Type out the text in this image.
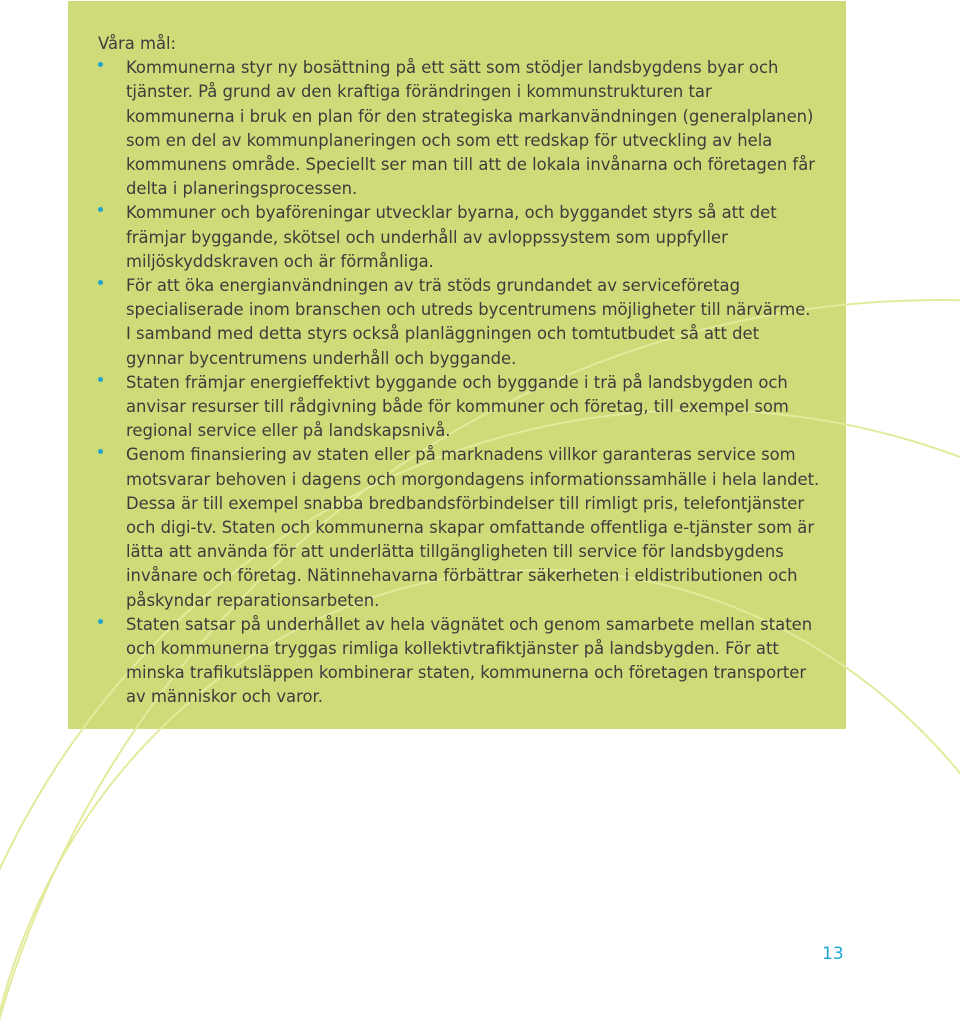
Våra mål:

Kommunerna styr ny bosättning på ett sätt som stödjer landsbygdens byar och tjänster. På grund av den kraftiga förändringen i kommunstrukturen tar kommunerna i bruk en plan för den strategiska markanvändningen (generalplanen) som en del av kommunplaneringen och som ett redskap för utveckling av hela kommunens område. Speciellt ser man till att de lokala invånarna och företagen får delta i planeringsprocessen.
Kommuner och byaföreningar utvecklar byarna, och byggandet styrs så att det främjar byggande, skötsel och underhåll av avloppssystem som uppfyller miljöskyddskraven och är förmånliga.
För att öka energianvändningen av trä stöds grundandet av serviceföretag specialiserade inom branschen och utreds bycentrumens möjligheter till närvärme. I samband med detta styrs också planläggningen och tomtutbudet så att det gynnar bycentrumens underhåll och byggande.
Staten främjar energieffektivt byggande och byggande i trä på landsbygden och anvisar resurser till rådgivning både för kommuner och företag, till exempel som regional service eller på landskapsnivå.
Genom finansiering av staten eller på marknadens villkor garanteras service som motsvarar behoven i dagens och morgondagens informationssamhälle i hela landet. Dessa är till exempel snabba bredbandsförbindelser till rimligt pris, telefontjänster och digi-tv. Staten och kommunerna skapar omfattande offentliga e-tjänster som är lätta att använda för att underlätta tillgängligheten till service för landsbygdens invånare och företag. Nätinnehavarna förbättrar säkerheten i eldistributionen och påskyndar reparationsarbeten.
Staten satsar på underhållet av hela vägnätet och genom samarbete mellan staten och kommunerna tryggas rimliga kollektivtrafiktjänster på landsbygden. För att minska trafikutsläppen kombinerar staten, kommunerna och företagen transporter av människor och varor.
13
